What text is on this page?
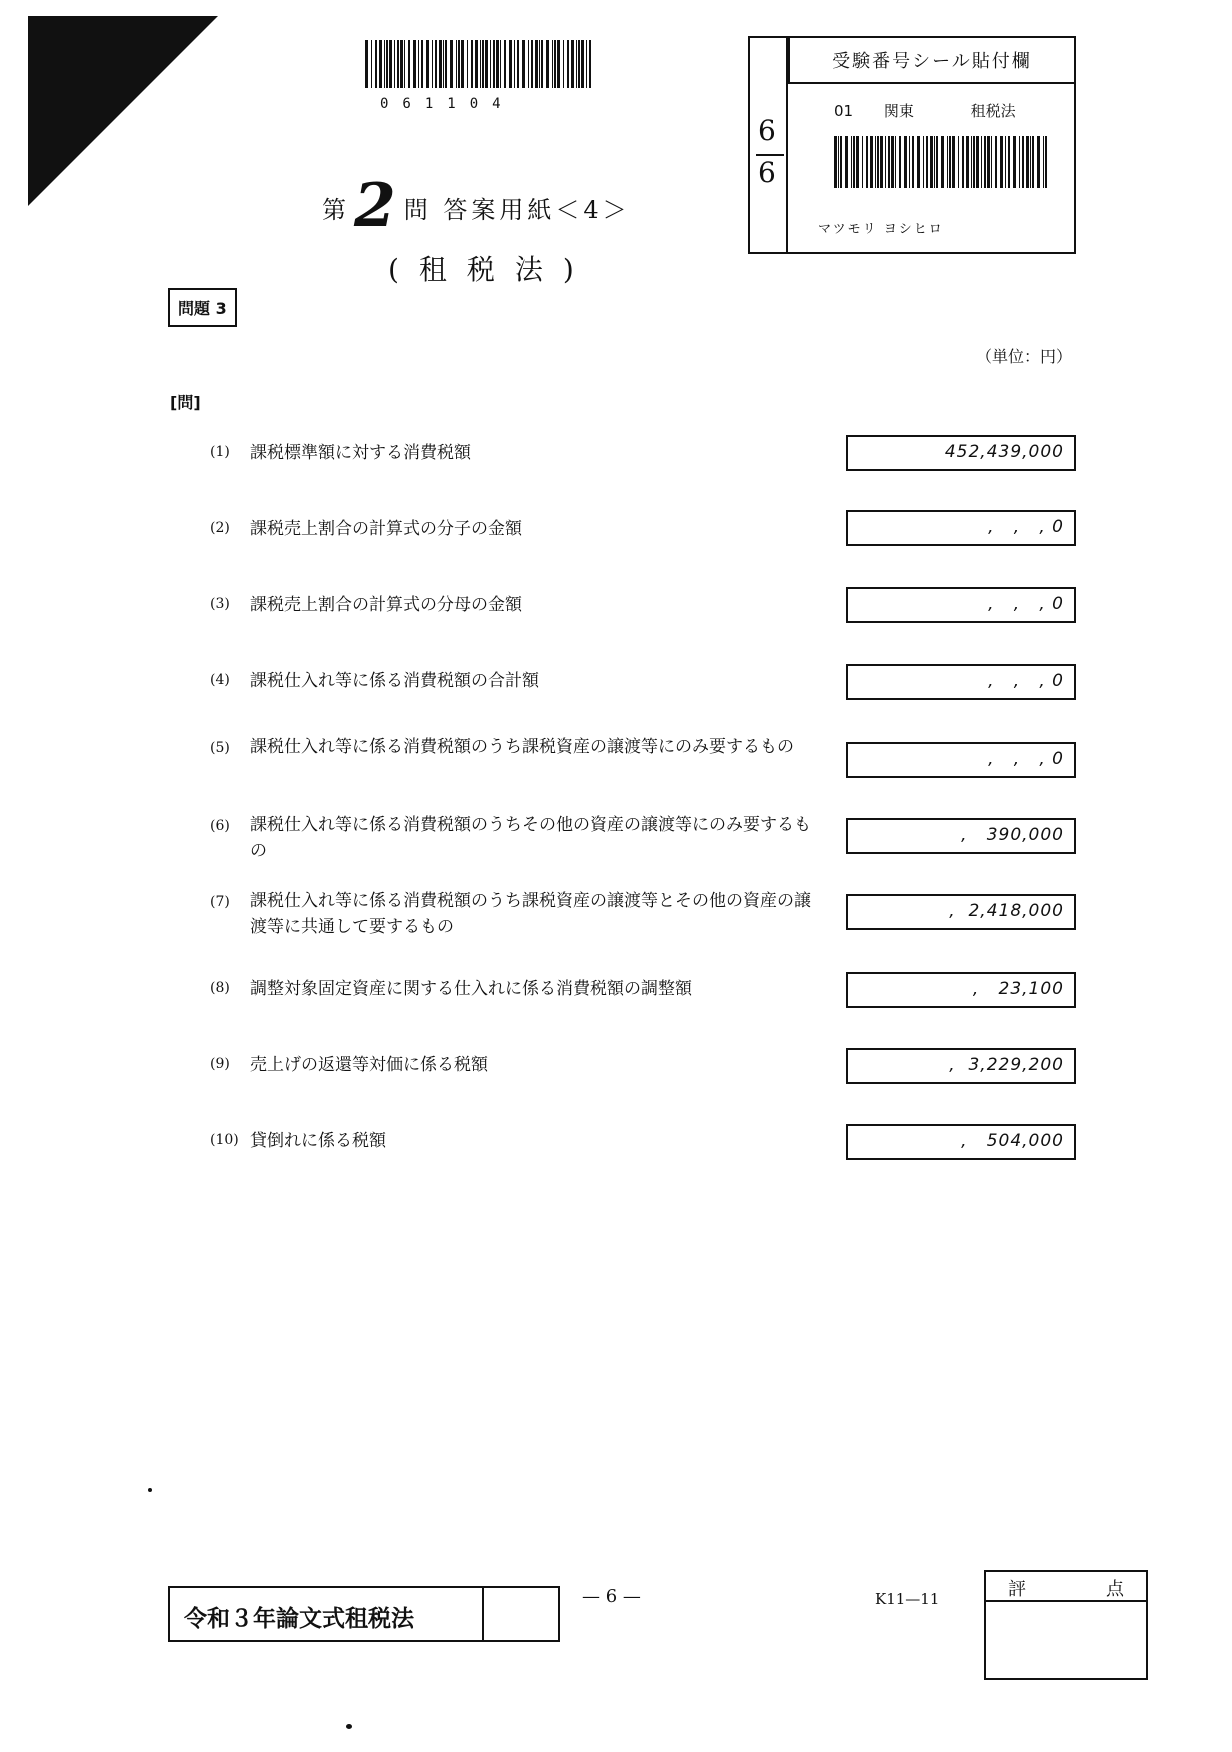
061104
第2 問 答案用紙＜4＞
(租税法)
6
6
受験番号シール貼付欄
01 関東	租税法
マツモリ ヨシヒロ
問題 3
（単位：円）
[問]
(1) 課税標準額に対する消費税額	452,439,000
(2) 課税売上割合の計算式の分子の金額	,   ,   , 0
(3) 課税売上割合の計算式の分母の金額	,   ,   , 0
(4) 課税仕入れ等に係る消費税額の合計額	,   ,   , 0
(5) 課税仕入れ等に係る消費税額のうち課税資産の譲渡等にのみ要するもの
,   ,   , 0
(6) 課税仕入れ等に係る消費税額のうちその他の資産の譲渡等にのみ要するもの
,   390,000
(7) 課税仕入れ等に係る消費税額のうち課税資産の譲渡等とその他の資産の譲渡等に共通して要するもの
,  2,418,000
(8) 調整対象固定資産に関する仕入れに係る消費税額の調整額	,   23,100
(9) 売上げの返還等対価に係る税額	,  3,229,200
(10) 貸倒れに係る税額	,   504,000
令和３年論文式租税法
— 6 —	K11—11	評	点
